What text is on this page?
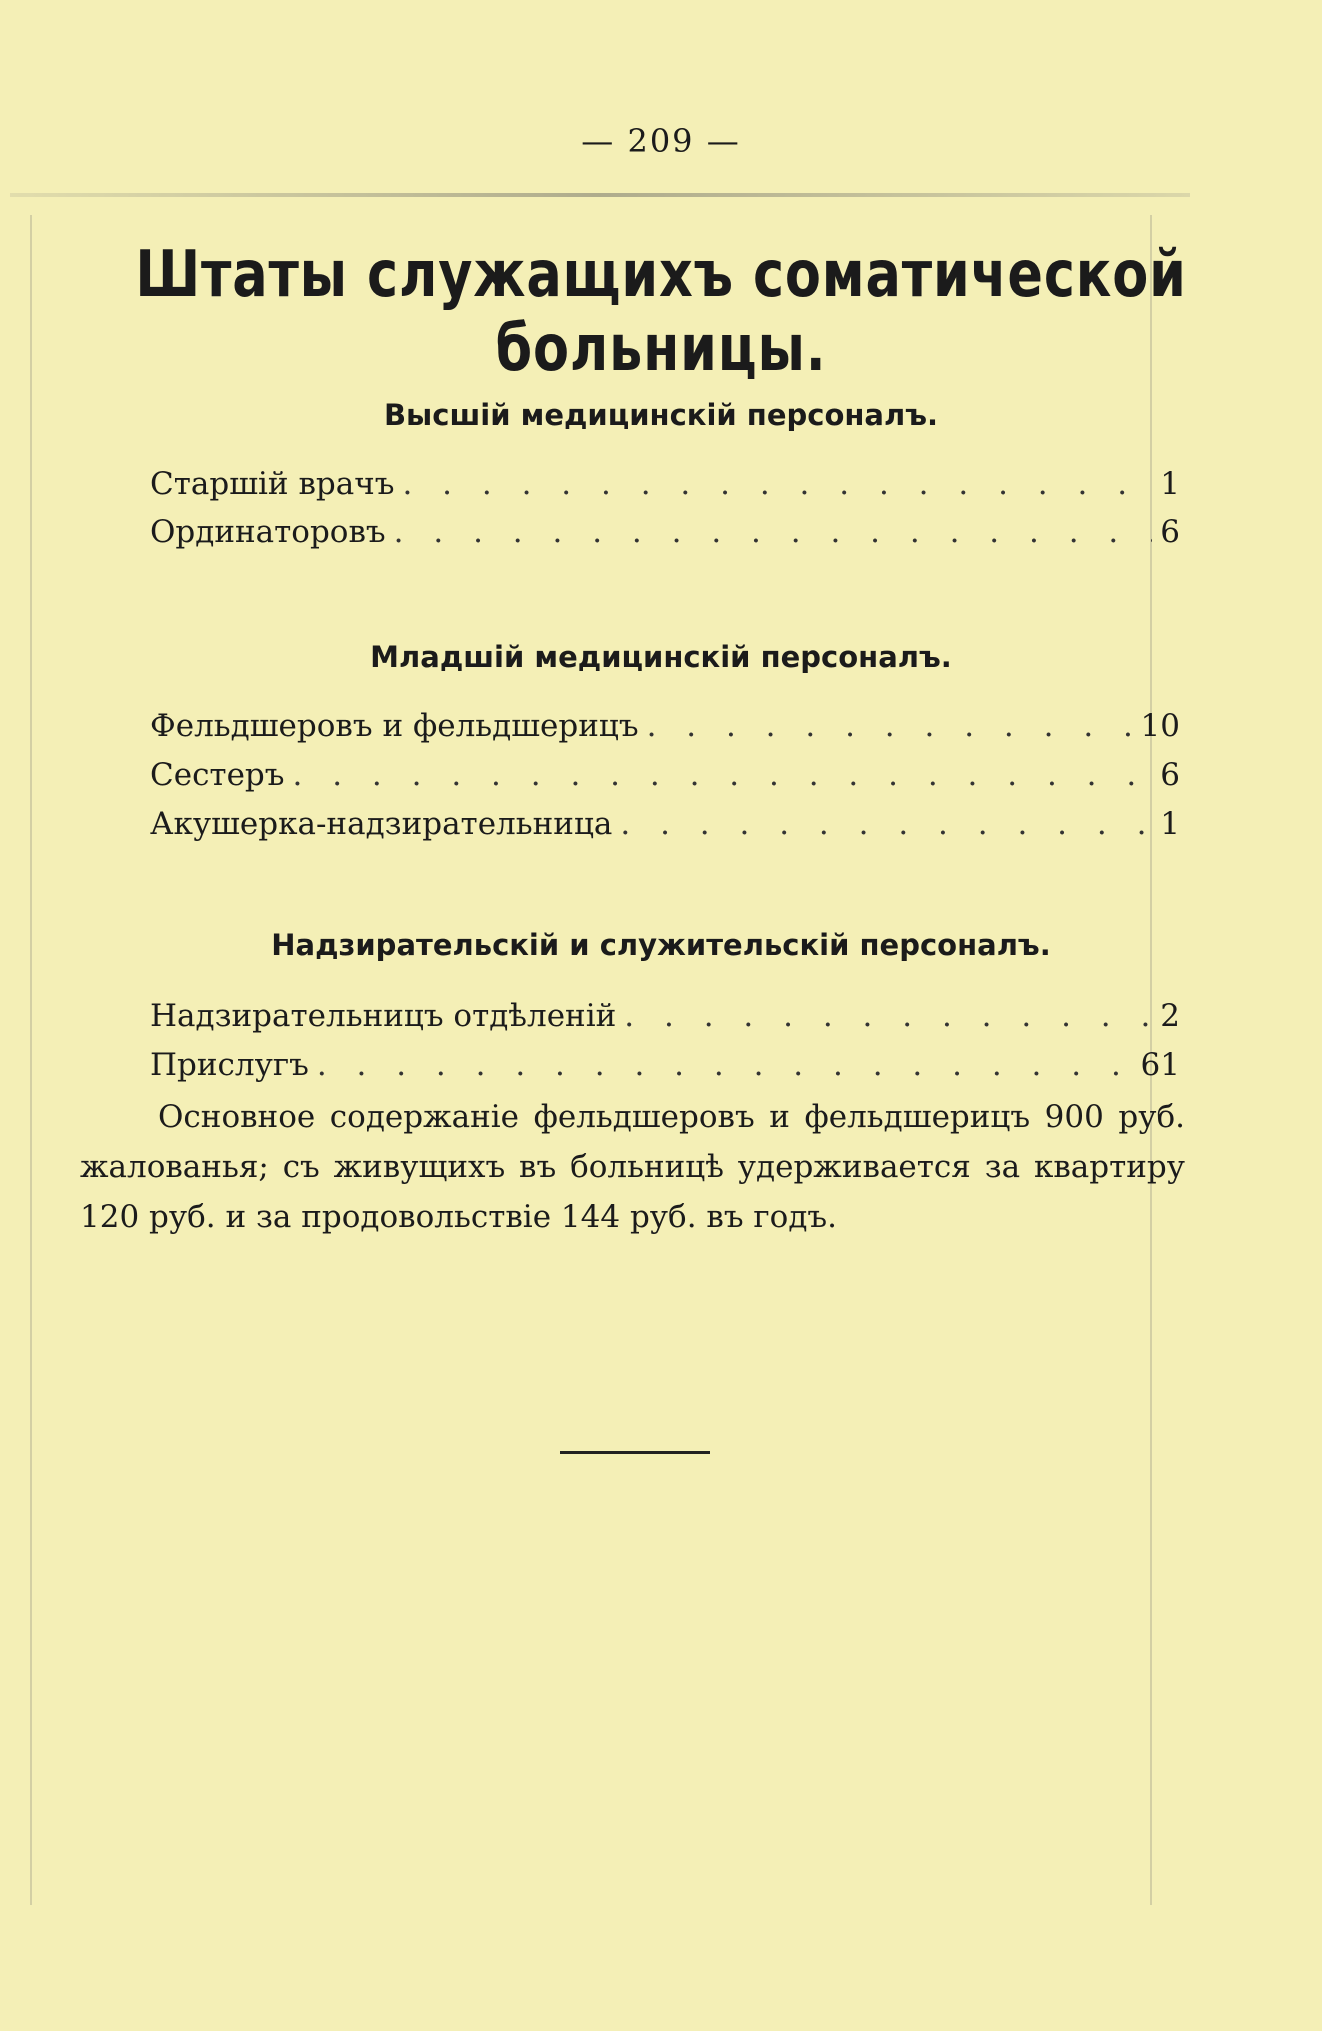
— 209 —
Штаты служащихъ соматической больницы.
Высшій медицинскій персоналъ.
Старшій врачъ . . .	1
Ординаторовъ . . .	6
Младшій медицинскій персоналъ.
Фельдшеровъ и фельдшерицъ . . .	10
Сестеръ . . .	6
Акушерка-надзирательница . . .	1
Надзирательскій и служительскій персоналъ.
Надзирательницъ отдѣленій . . .	2
Прислугъ . . .	61
Основное содержаніе фельдшеровъ и фельдшерицъ 900 руб. жалованья; съ живущихъ въ больницѣ удерживается за квартиру 120 руб. и за продовольствіе 144 руб. въ годъ.
